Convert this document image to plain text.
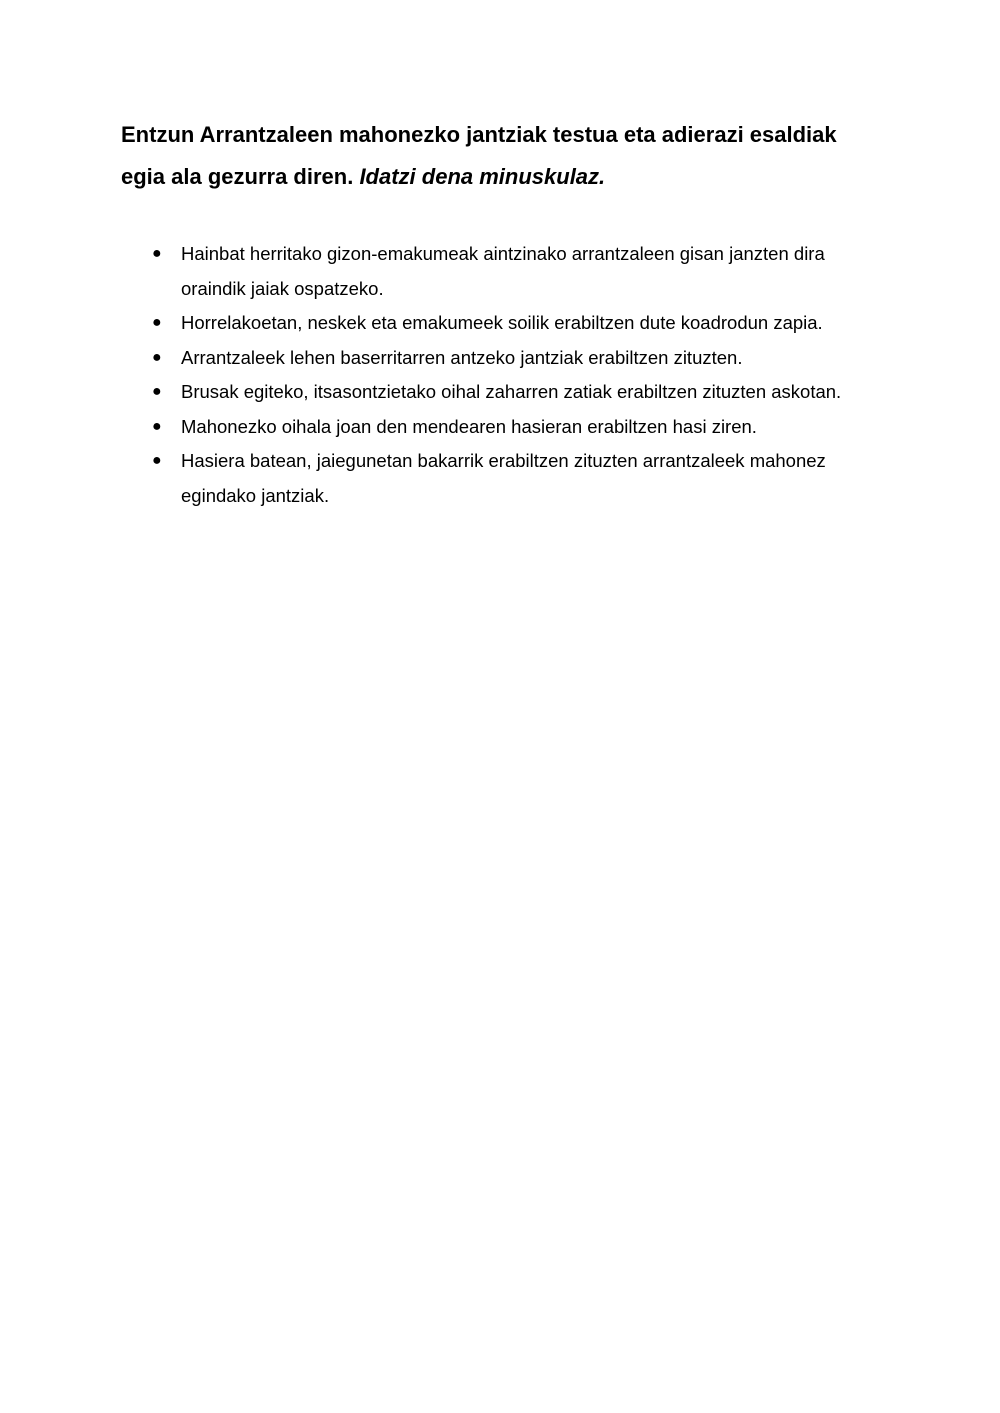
Entzun Arrantzaleen mahonezko jantziak testua eta adierazi esaldiak egia ala gezurra diren. Idatzi dena minuskulaz.

● Hainbat herritako gizon-emakumeak aintzinako arrantzaleen gisan janzten dira oraindik jaiak ospatzeko.
● Horrelakoetan, neskek eta emakumeek soilik erabiltzen dute koadrodun zapia.
● Arrantzaleek lehen baserritarren antzeko jantziak erabiltzen zituzten.
● Brusak egiteko, itsasontzietako oihal zaharren zatiak erabiltzen zituzten askotan.
● Mahonezko oihala joan den mendearen hasieran erabiltzen hasi ziren.
● Hasiera batean, jaiegunetan bakarrik erabiltzen zituzten arrantzaleek mahonez egindako jantziak.
